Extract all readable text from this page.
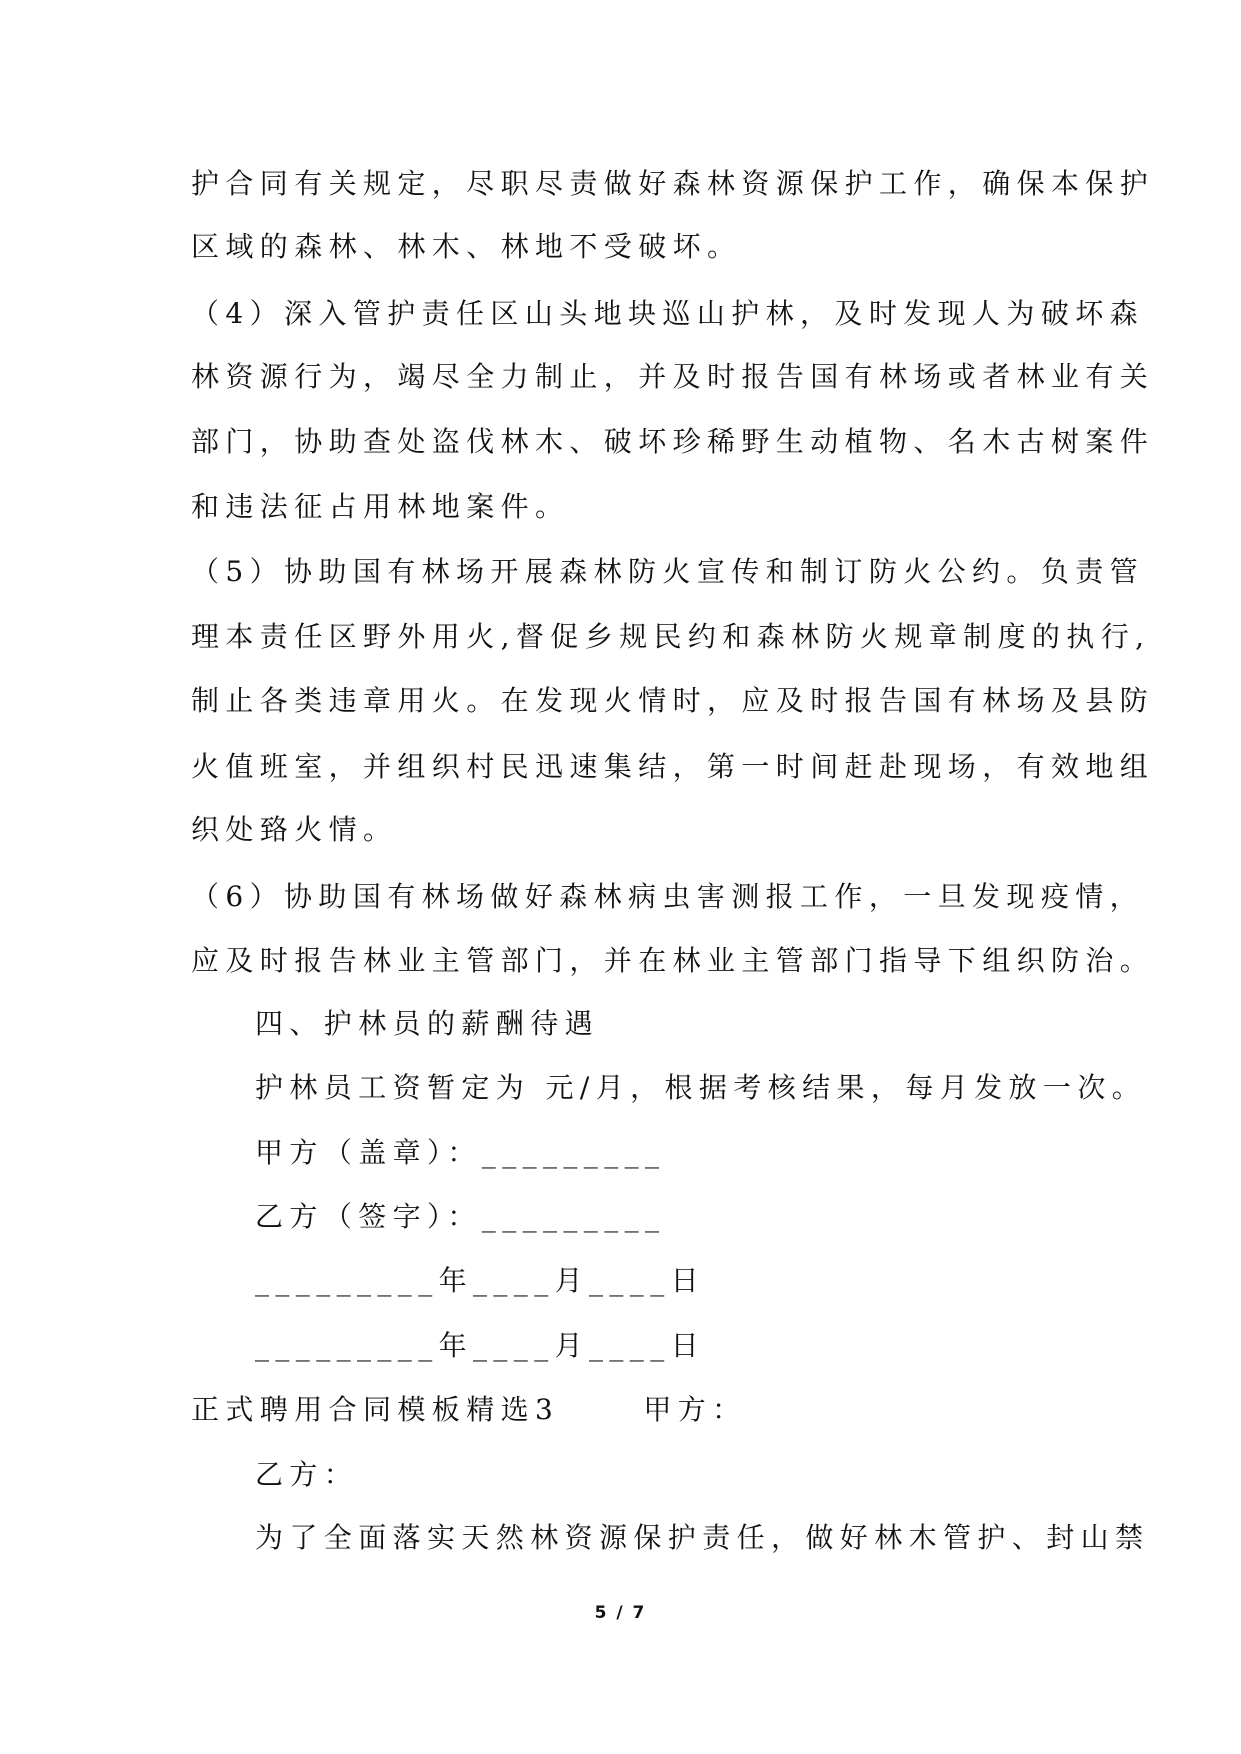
护合同有关规定，尽职尽责做好森林资源保护工作，确保本保护
区域的森林、林木、林地不受破坏。
（4）深入管护责任区山头地块巡山护林，及时发现人为破坏森
林资源行为，竭尽全力制止，并及时报告国有林场或者林业有关
部门，协助查处盗伐林木、破坏珍稀野生动植物、名木古树案件
和违法征占用林地案件。
（5）协助国有林场开展森林防火宣传和制订防火公约。负责管
理本责任区野外用火,督促乡规民约和森林防火规章制度的执行,
制止各类违章用火。在发现火情时，应及时报告国有林场及县防
火值班室，并组织村民迅速集结，第一时间赶赴现场，有效地组
织处臵火情。
（6）协助国有林场做好森林病虫害测报工作，一旦发现疫情，
应及时报告林业主管部门，并在林业主管部门指导下组织防治。
四、护林员的薪酬待遇
护林员工资暂定为 元/月，根据考核结果，每月发放一次。
甲方（盖章）：_________
乙方（签字）：_________
_________年____月____日
_________年____月____日
正式聘用合同模板精选3　　 甲方：
乙方：
为了全面落实天然林资源保护责任，做好林木管护、封山禁
5 / 7
